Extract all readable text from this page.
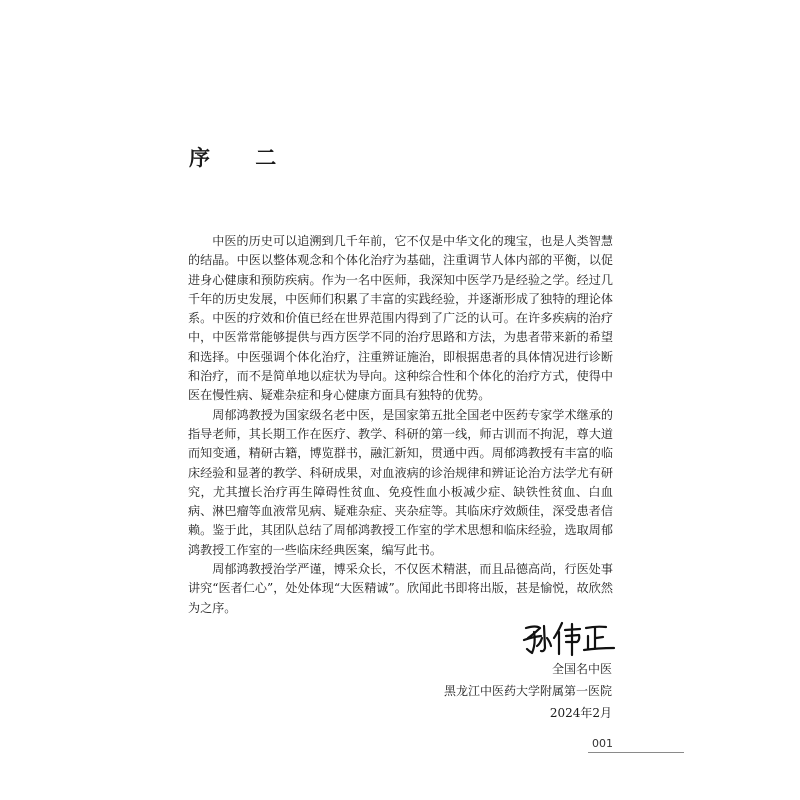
序 二

中医的历史可以追溯到几千年前，它不仅是中华文化的瑰宝，也是人类智慧的结晶。中医以整体观念和个体化治疗为基础，注重调节人体内部的平衡，以促进身心健康和预防疾病。作为一名中医师，我深知中医学乃是经验之学。经过几千年的历史发展，中医师们积累了丰富的实践经验，并逐渐形成了独特的理论体系。中医的疗效和价值已经在世界范围内得到了广泛的认可。在许多疾病的治疗中，中医常常能够提供与西方医学不同的治疗思路和方法，为患者带来新的希望和选择。中医强调个体化治疗，注重辨证施治，即根据患者的具体情况进行诊断和治疗，而不是简单地以症状为导向。这种综合性和个体化的治疗方式，使得中医在慢性病、疑难杂症和身心健康方面具有独特的优势。

周郁鸿教授为国家级名老中医，是国家第五批全国老中医药专家学术继承的指导老师，其长期工作在医疗、教学、科研的第一线，师古训而不拘泥，尊大道而知变通，精研古籍，博览群书，融汇新知，贯通中西。周郁鸿教授有丰富的临床经验和显著的教学、科研成果，对血液病的诊治规律和辨证论治方法学尤有研究，尤其擅长治疗再生障碍性贫血、免疫性血小板减少症、缺铁性贫血、白血病、淋巴瘤等血液常见病、疑难杂症、夹杂症等。其临床疗效颇佳，深受患者信赖。鉴于此，其团队总结了周郁鸿教授工作室的学术思想和临床经验，选取周郁鸿教授工作室的一些临床经典医案，编写此书。

周郁鸿教授治学严谨，博采众长，不仅医术精湛，而且品德高尚，行医处事讲究“医者仁心”，处处体现“大医精诚”。欣闻此书即将出版，甚是愉悦，故欣然为之序。

全国名中医

黑龙江中医药大学附属第一医院

2024年2月

001
